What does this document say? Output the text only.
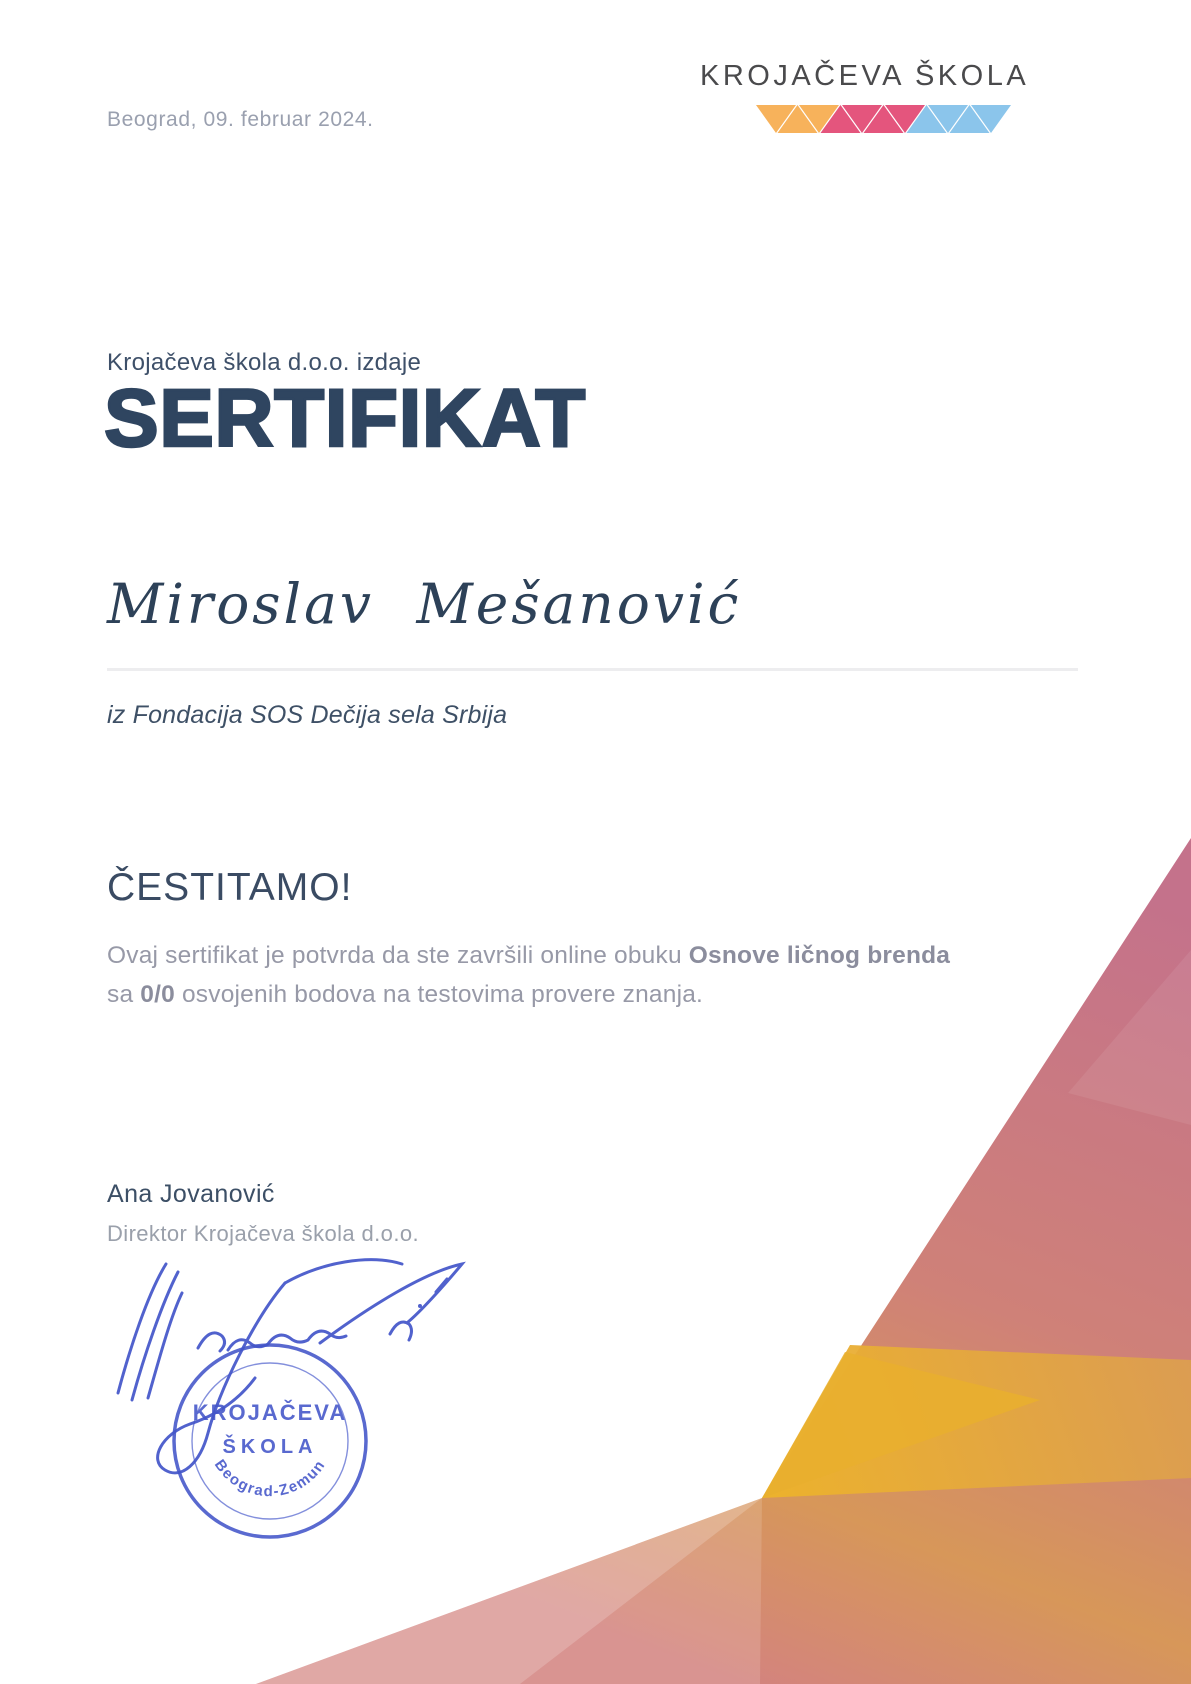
Beograd, 09. februar 2024.
KROJAČEVA ŠKOLA
Krojačeva škola d.o.o. izdaje
SERTIFIKAT
Miroslav Mešanović
iz Fondacija SOS Dečija sela Srbija
ČESTITAMO!

Ovaj sertifikat je potvrda da ste završili online obuku Osnove ličnog brenda sa 0/0 osvojenih bodova na testovima provere znanja.

Ana Jovanović
Direktor Krojačeva škola d.o.o.
KROJAČEVA
ŠKOLA
Beograd-Zemun
